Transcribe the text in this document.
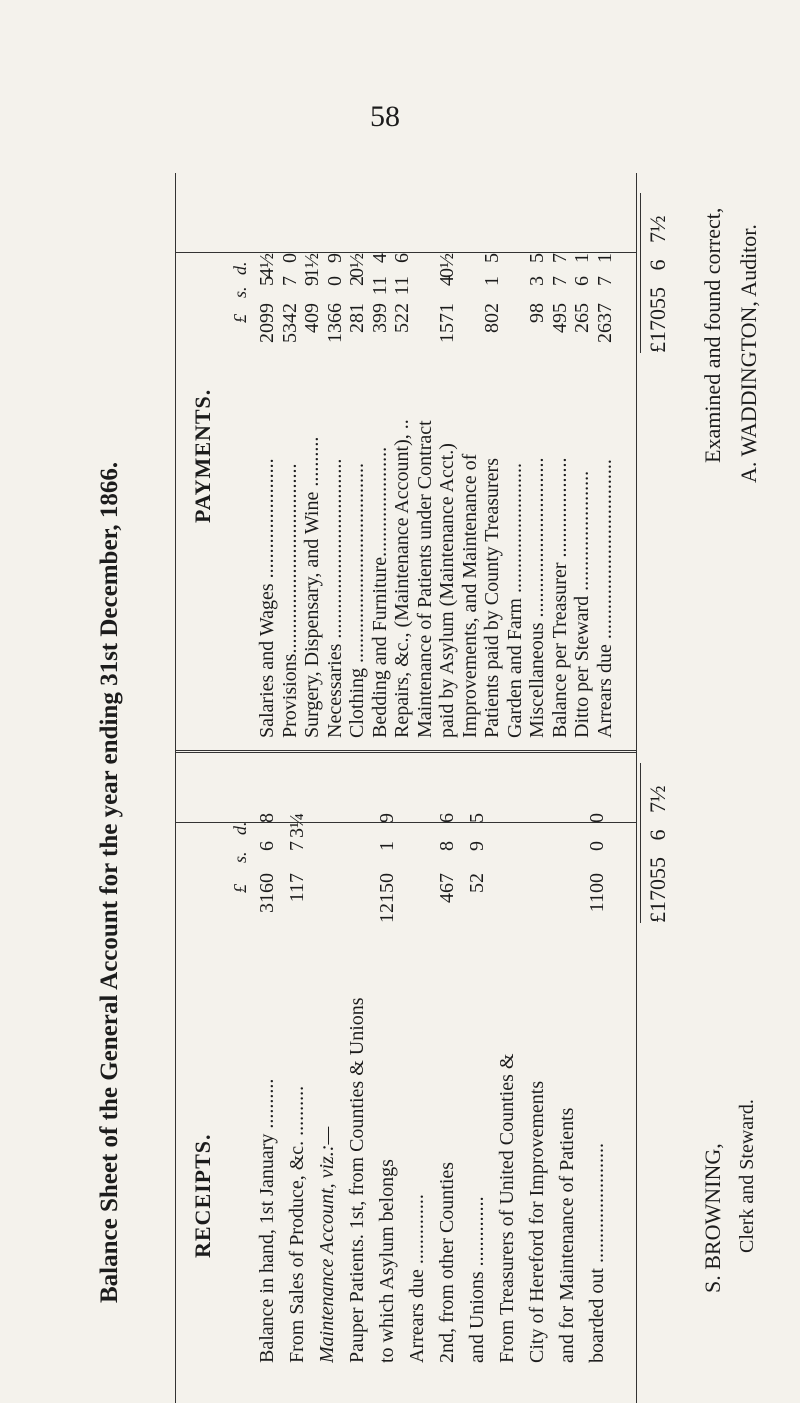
58
Balance Sheet of the General Account for the year ending 31st December, 1866.	RECEIPTS. Balance in hand, 1st January ..........
3160
6
8
From Sales of Produce, &c. ..........
117
7
3¼
Maintenance Account, viz.:— Pauper Patients. 1st, from Counties & Unions to which Asylum belongs
12150
1
9
Arrears due .............. 2nd, from other Counties
467
8
6
and Unions ..............
52
9
5
From Treasurers of United Counties & City of Hereford for Improvements and for Maintenance of Patients boarded out ........................
1100
0
0
£
s.
d.
PAYMENTS.
Salaries and Wages ........................
2099
5
4½
Provisions......................................
5342
7
0
Surgery, Dispensary, and Wine ..........
409
9
1½
Necessaries ....................................
1366
0
9
Clothing ........................................
281
2
0½
Bedding and Furniture......................
399
11
4
Repairs, &c., (Maintenance Account), ..
522
11
6
Maintenance of Patients under Contract paid by Asylum (Maintenance Acct.)
1571
4
0½
Improvements, and Maintenance of Patients paid by County Treasurers
802
1
5
Garden and Farm .......................... Miscellaneous ................................
98
3
5
Balance per Treasurer ....................
495
7
7
Ditto per Steward ........................
265
6
1
Arrears due ....................................
2637
7
1
£
s.
d.
£17055   6   7½
£17055   6   7½
S. BROWNING, Clerk and Steward.
Examined and found correct, A. WADDINGTON, Auditor.
